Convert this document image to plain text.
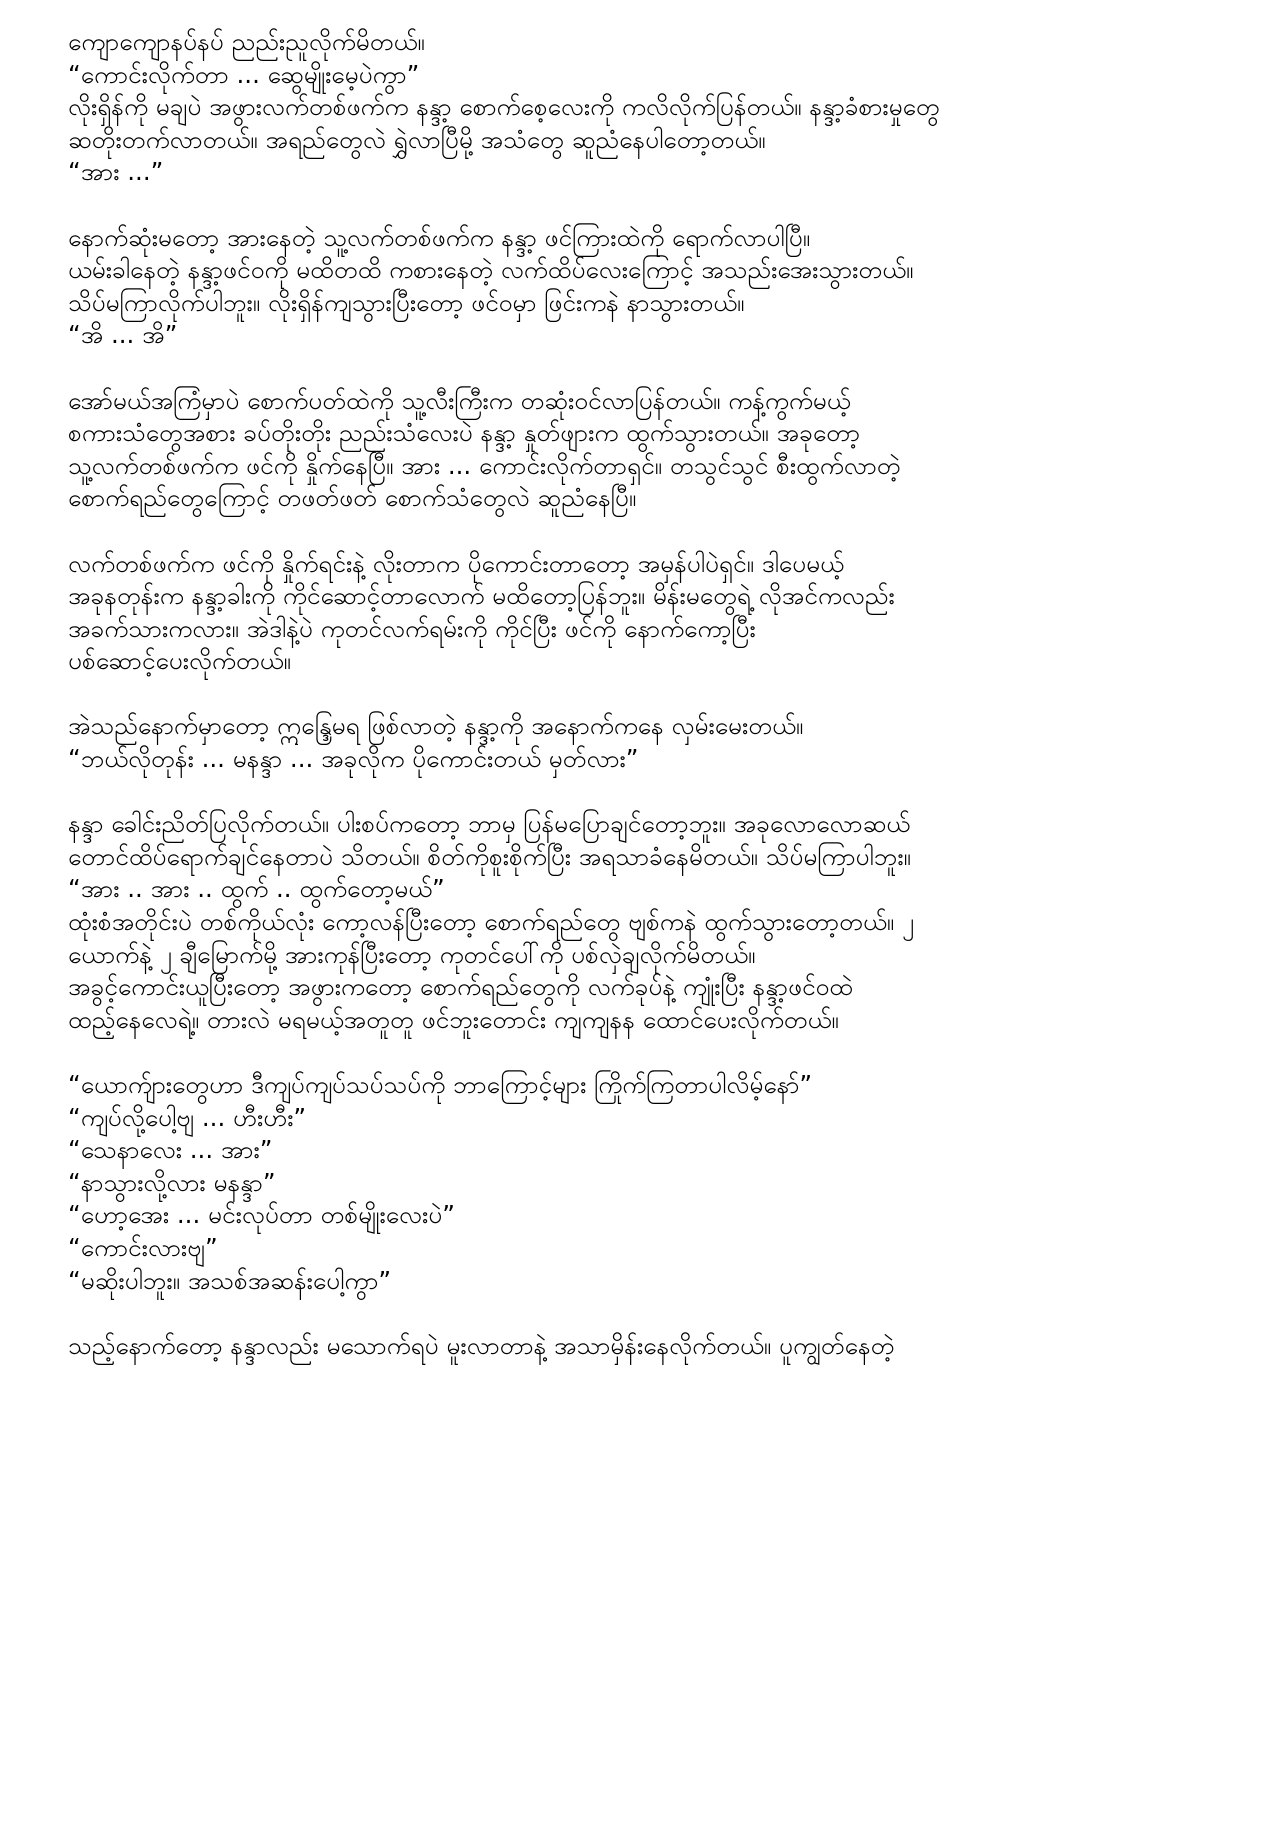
ကျောကျောနပ်နပ် ညည်းညူလိုက်မိတယ်။
“ကောင်းလိုက်တာ ... ဆွေမျိုးမေ့ပဲကွာ”
လိုးရှိန်ကို မချပဲ အဖွားလက်တစ်ဖက်က နန္ဒာ့ စောက်စေ့လေးကို ကလိလိုက်ပြန်တယ်။ နန္ဒာ့ခံစားမှုတွေ
ဆတိုးတက်လာတယ်။ အရည်တွေလဲ ရွှဲလာပြီမို့ အသံတွေ ဆူညံနေပါတော့တယ်။
“အား ...”
နောက်ဆုံးမတော့ အားနေတဲ့ သူ့လက်တစ်ဖက်က နန္ဒာ့ ဖင်ကြားထဲကို ရောက်လာပါပြီ။
ယမ်းခါနေတဲ့ နန္ဒာ့ဖင်ဝကို မထိတထိ ကစားနေတဲ့ လက်ထိပ်လေးကြောင့် အသည်းအေးသွားတယ်။
သိပ်မကြာလိုက်ပါဘူး။ လိုးရှိန်ကျသွားပြီးတော့ ဖင်ဝမှာ ဖြင်းကနဲ နာသွားတယ်။
“အိ ... အိ”
အော်မယ်အကြံမှာပဲ စောက်ပတ်ထဲကို သူ့လီးကြီးက တဆုံးဝင်လာပြန်တယ်။ ကန့်ကွက်မယ့်
စကားသံတွေအစား ခပ်တိုးတိုး ညည်းသံလေးပဲ နန္ဒာ့ နှုတ်ဖျားက ထွက်သွားတယ်။ အခုတော့
သူ့လက်တစ်ဖက်က ဖင်ကို နှိုက်နေပြီ။ အား ... ကောင်းလိုက်တာရှင်။ တသွင်သွင် စီးထွက်လာတဲ့
စောက်ရည်တွေကြောင့် တဖတ်ဖတ် စောက်သံတွေလဲ ဆူညံနေပြီ။
လက်တစ်ဖက်က ဖင်ကို နှိုက်ရင်းနဲ့ လိုးတာက ပိုကောင်းတာတော့ အမှန်ပါပဲရှင်။ ဒါပေမယ့်
အခုနတုန်းက နန္ဒာ့ခါးကို ကိုင်ဆောင့်တာလောက် မထိတော့ပြန်ဘူး။ မိန်းမတွေရဲ့ လိုအင်ကလည်း
အခက်သားကလား။ အဲဒါနဲ့ပဲ ကုတင်လက်ရမ်းကို ကိုင်ပြီး ဖင်ကို နောက်ကော့ပြီး
ပစ်ဆောင့်ပေးလိုက်တယ်။
အဲသည်နောက်မှာတော့ ဣန္ဒြေမရ ဖြစ်လာတဲ့ နန္ဒာ့ကို အနောက်ကနေ လှမ်းမေးတယ်။
“ဘယ်လိုတုန်း ... မနန္ဒာ ... အခုလိုက ပိုကောင်းတယ် မှတ်လား”
နန္ဒာ ခေါင်းညိတ်ပြလိုက်တယ်။ ပါးစပ်ကတော့ ဘာမှ ပြန်မပြောချင်တော့ဘူး။ အခုလောလောဆယ်
တောင်ထိပ်ရောက်ချင်နေတာပဲ သိတယ်။ စိတ်ကိုစူးစိုက်ပြီး အရသာခံနေမိတယ်။ သိပ်မကြာပါဘူး။
“အား .. အား .. ထွက် .. ထွက်တော့မယ်”
ထုံးစံအတိုင်းပဲ တစ်ကိုယ်လုံး ကော့လန်ပြီးတော့ စောက်ရည်တွေ ဗျစ်ကနဲ ထွက်သွားတော့တယ်။ ၂
ယောက်နဲ့ ၂ ချီမြောက်မို့ အားကုန်ပြီးတော့ ကုတင်ပေါ်ကို ပစ်လှဲချလိုက်မိတယ်။
အခွင့်ကောင်းယူပြီးတော့ အဖွားကတော့ စောက်ရည်တွေကို လက်ခုပ်နဲ့ ကျုံးပြီး နန္ဒာ့ဖင်ဝထဲ
ထည့်နေလေရဲ့။ တားလဲ မရမယ့်အတူတူ ဖင်ဘူးတောင်း ကျကျနန ထောင်ပေးလိုက်တယ်။
“ယောက်ျားတွေဟာ ဒီကျပ်ကျပ်သပ်သပ်ကို ဘာကြောင့်များ ကြိုက်ကြတာပါလိမ့်နော်”
“ကျပ်လို့ပေါ့ဗျ ... ဟီးဟီး”
“သေနာလေး ... အား”
“နာသွားလို့လား မနန္ဒာ”
“ဟော့အေး ... မင်းလုပ်တာ တစ်မျိုးလေးပဲ”
“ကောင်းလားဗျ”
“မဆိုးပါဘူး။ အသစ်အဆန်းပေါ့ကွာ”
သည့်နောက်တော့ နန္ဒာလည်း မသောက်ရပဲ မူးလာတာနဲ့ အသာမှိန်းနေလိုက်တယ်။ ပူကျွတ်နေတဲ့
